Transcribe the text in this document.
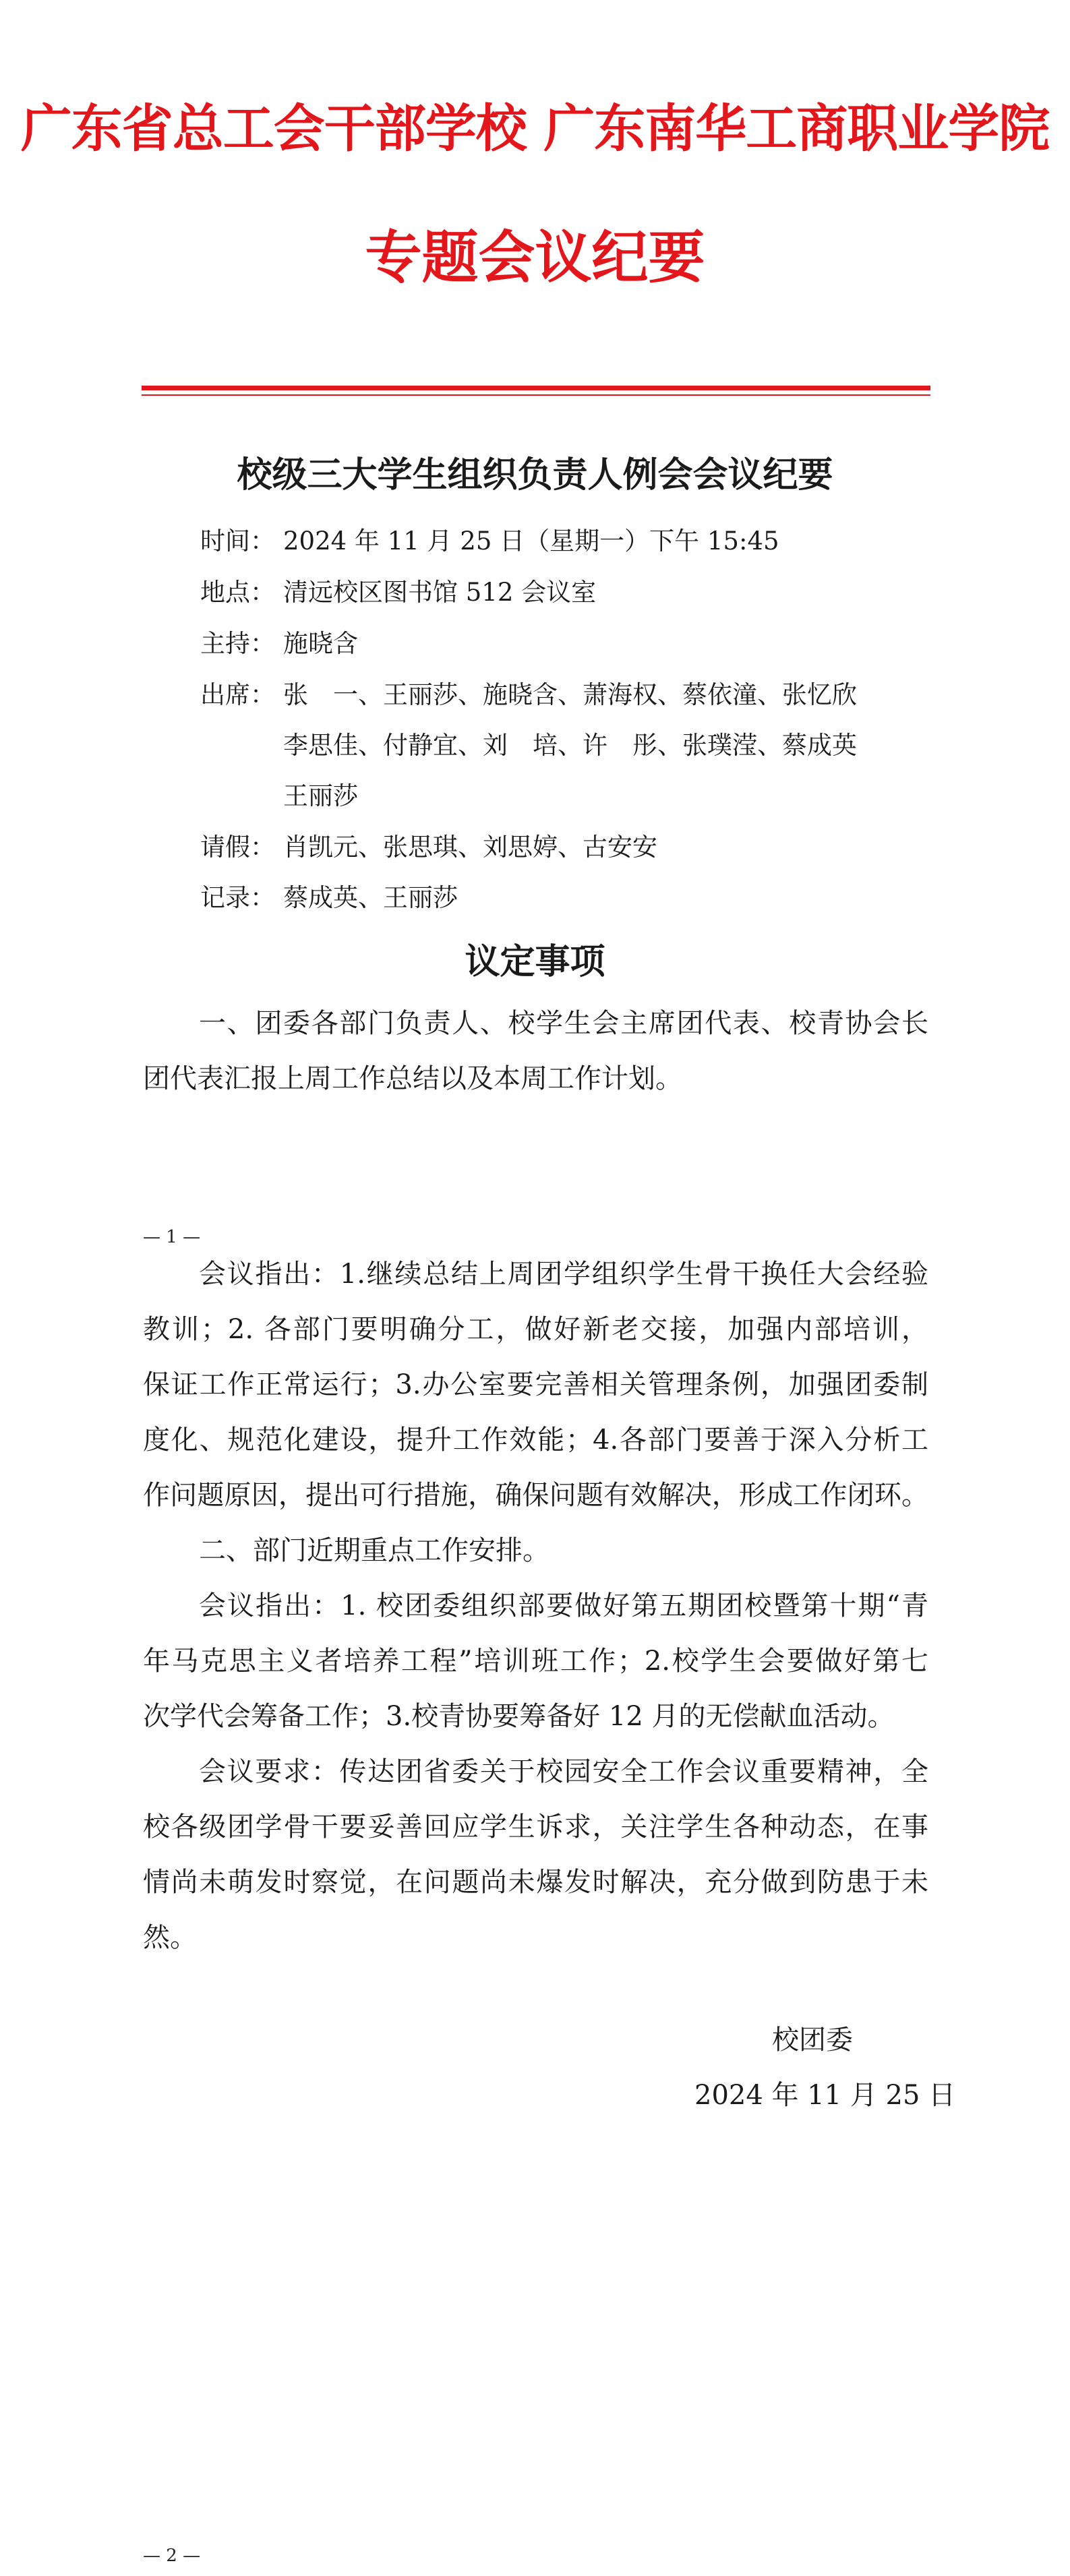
广东省总工会干部学校 广东南华工商职业学院
专题会议纪要
校级三大学生组织负责人例会会议纪要
时间： 2024 年 11 月 25 日（星期一）下午 15:45
地点： 清远校区图书馆 512 会议室
主持： 施晓含
出席： 张　一、王丽莎、施晓含、萧海权、蔡依潼、张忆欣
李思佳、付静宜、刘　培、许　彤、张璞滢、蔡成英
王丽莎
请假： 肖凯元、张思琪、刘思婷、古安安
记录： 蔡成英、王丽莎
议定事项
一、团委各部门负责人、校学生会主席团代表、校青协会长
团代表汇报上周工作总结以及本周工作计划。
— 1 —
会议指出：1.继续总结上周团学组织学生骨干换任大会经验
教训；2. 各部门要明确分工，做好新老交接，加强内部培训，
保证工作正常运行；3.办公室要完善相关管理条例，加强团委制
度化、规范化建设，提升工作效能；4.各部门要善于深入分析工
作问题原因，提出可行措施，确保问题有效解决，形成工作闭环。
二、部门近期重点工作安排。
会议指出：1. 校团委组织部要做好第五期团校暨第十期“青
年马克思主义者培养工程”培训班工作；2.校学生会要做好第七
次学代会筹备工作；3.校青协要筹备好 12 月的无偿献血活动。
会议要求：传达团省委关于校园安全工作会议重要精神，全
校各级团学骨干要妥善回应学生诉求，关注学生各种动态，在事
情尚未萌发时察觉，在问题尚未爆发时解决，充分做到防患于未
然。
校团委
2024 年 11 月 25 日
— 2 —
